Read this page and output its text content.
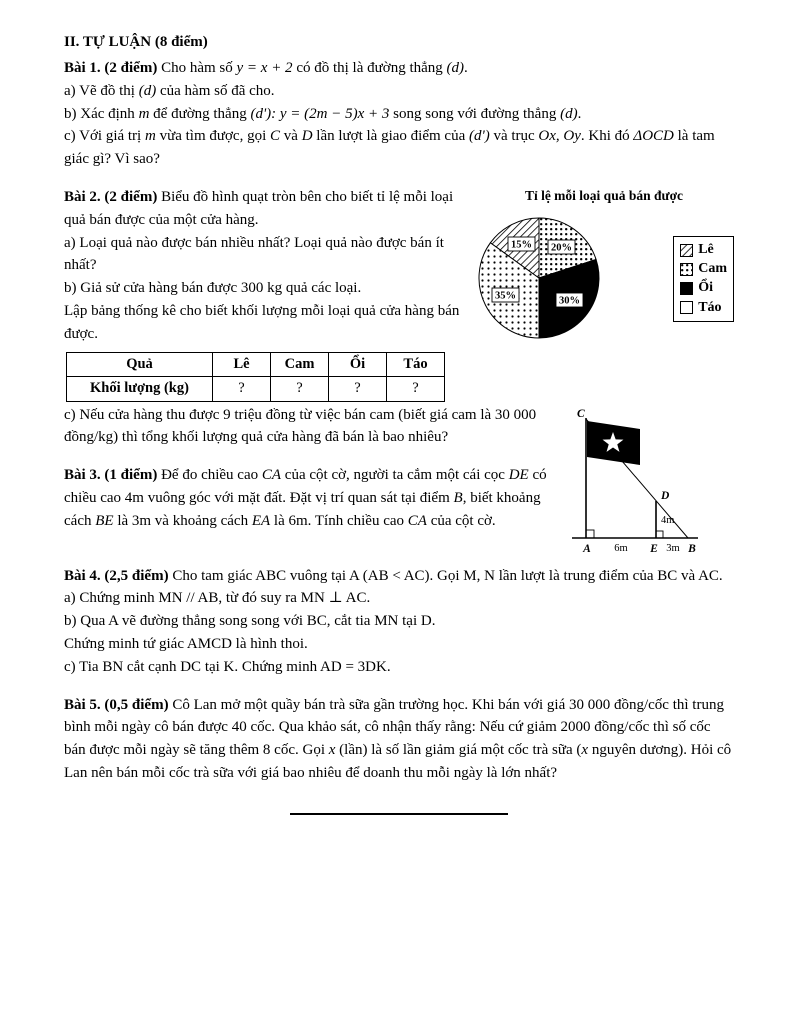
II. TỰ LUẬN (8 điểm)

Bài 1. (2 điểm) Cho hàm số y = x + 2 có đồ thị là đường thẳng (d).

a) Vẽ đồ thị (d) của hàm số đã cho.

b) Xác định m để đường thẳng (d'): y = (2m − 5)x + 3 song song với đường thẳng (d).

c) Với giá trị m vừa tìm được, gọi C và D lần lượt là giao điểm của (d') và trục Ox, Oy. Khi đó ΔOCD là tam giác gì? Vì sao?

Bài 2. (2 điểm) Biểu đồ hình quạt tròn bên cho biết tỉ lệ mỗi loại quả bán được của một cửa hàng.

a) Loại quả nào được bán nhiều nhất? Loại quả nào được bán ít nhất?

b) Giả sử cửa hàng bán được 300 kg quả các loại.

Lập bảng thống kê cho biết khối lượng mỗi loại quả cửa hàng bán được.

Quả	Lê	Cam	Ổi	Táo
Khối lượng (kg)	?	?	?	?
Tỉ lệ mỗi loại quả bán được
15% 20%
30%
35%
Lê
Cam
Ổi
Táo
C
D
4m
A	E	B
6m	3m

c) Nếu cửa hàng thu được 9 triệu đồng từ việc bán cam (biết giá cam là 30 000 đồng/kg) thì tổng khối lượng quả cửa hàng đã bán là bao nhiêu?

Bài 3. (1 điểm) Để đo chiều cao CA của cột cờ, người ta cắm một cái cọc DE có chiều cao 4m vuông góc với mặt đất. Đặt vị trí quan sát tại điểm B, biết khoảng cách BE là 3m và khoảng cách EA là 6m. Tính chiều cao CA của cột cờ.

Bài 4. (2,5 điểm) Cho tam giác ABC vuông tại A (AB < AC). Gọi M, N lần lượt là trung điểm của BC và AC.

a) Chứng minh MN // AB, từ đó suy ra MN ⊥ AC.

b) Qua A vẽ đường thẳng song song với BC, cắt tia MN tại D.

Chứng minh tứ giác AMCD là hình thoi.

c) Tia BN cắt cạnh DC tại K. Chứng minh AD = 3DK.

Bài 5. (0,5 điểm) Cô Lan mở một quầy bán trà sữa gần trường học. Khi bán với giá 30 000 đồng/cốc thì trung bình mỗi ngày cô bán được 40 cốc. Qua khảo sát, cô nhận thấy rằng: Nếu cứ giảm 2000 đồng/cốc thì số cốc bán được mỗi ngày sẽ tăng thêm 8 cốc. Gọi x (lần) là số lần giảm giá một cốc trà sữa (x nguyên dương). Hỏi cô Lan nên bán mỗi cốc trà sữa với giá bao nhiêu để doanh thu mỗi ngày là lớn nhất?
